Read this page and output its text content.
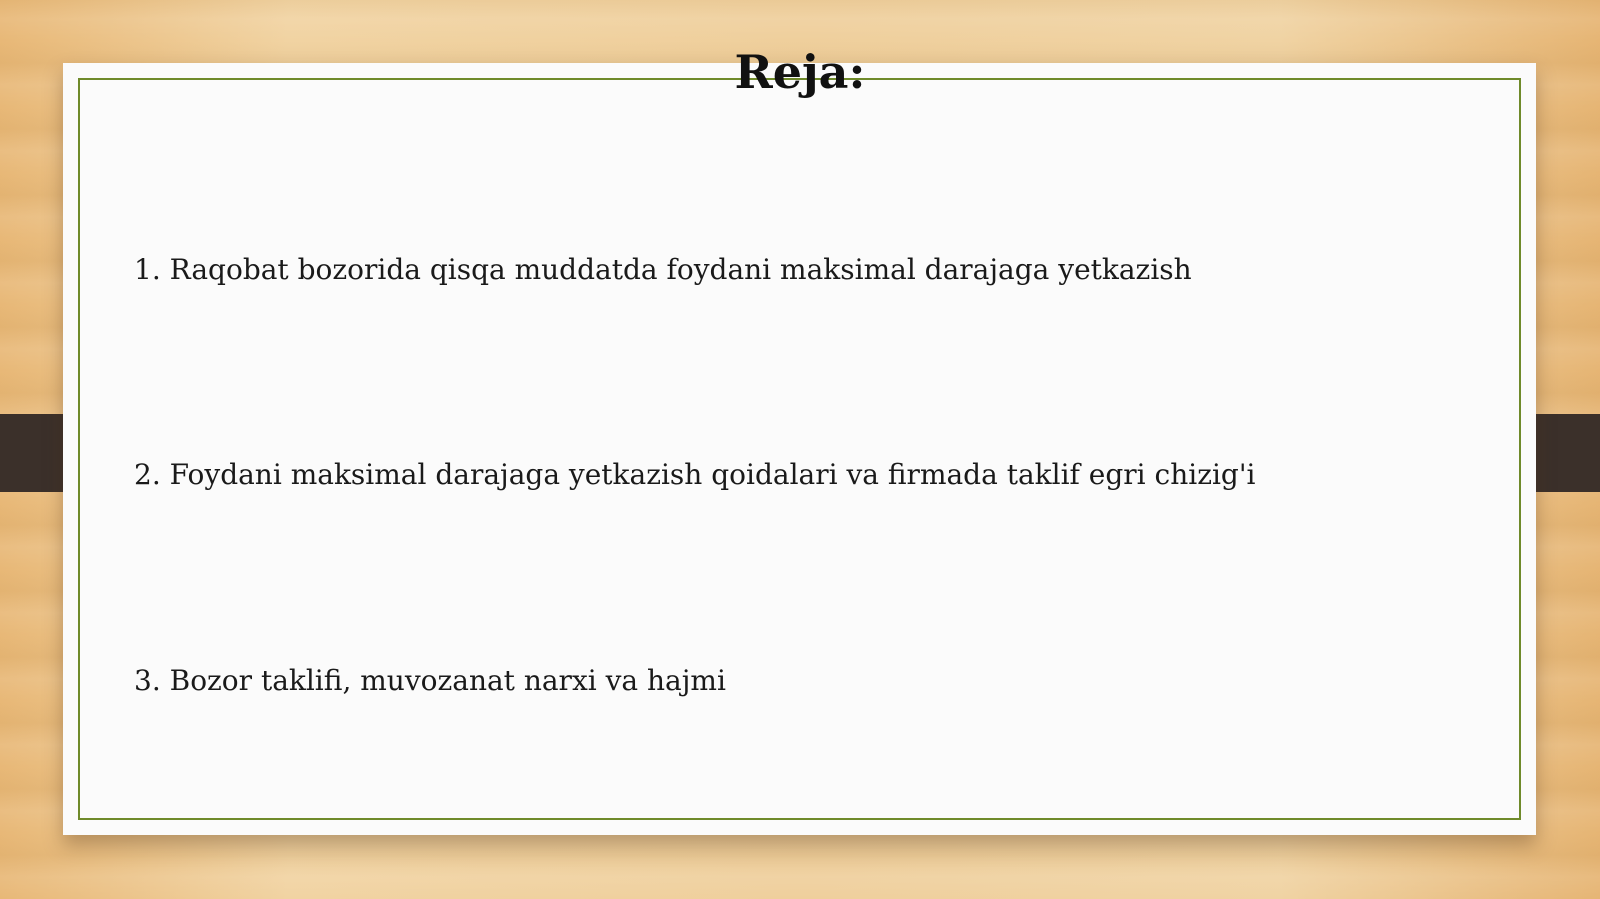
Reja:
1. Raqobat bozorida qisqa muddatda foydani maksimal darajaga yetkazish
2. Foydani maksimal darajaga yetkazish qoidalari va firmada taklif egri chizig'i
3. Bozor taklifi, muvozanat narxi va hajmi
